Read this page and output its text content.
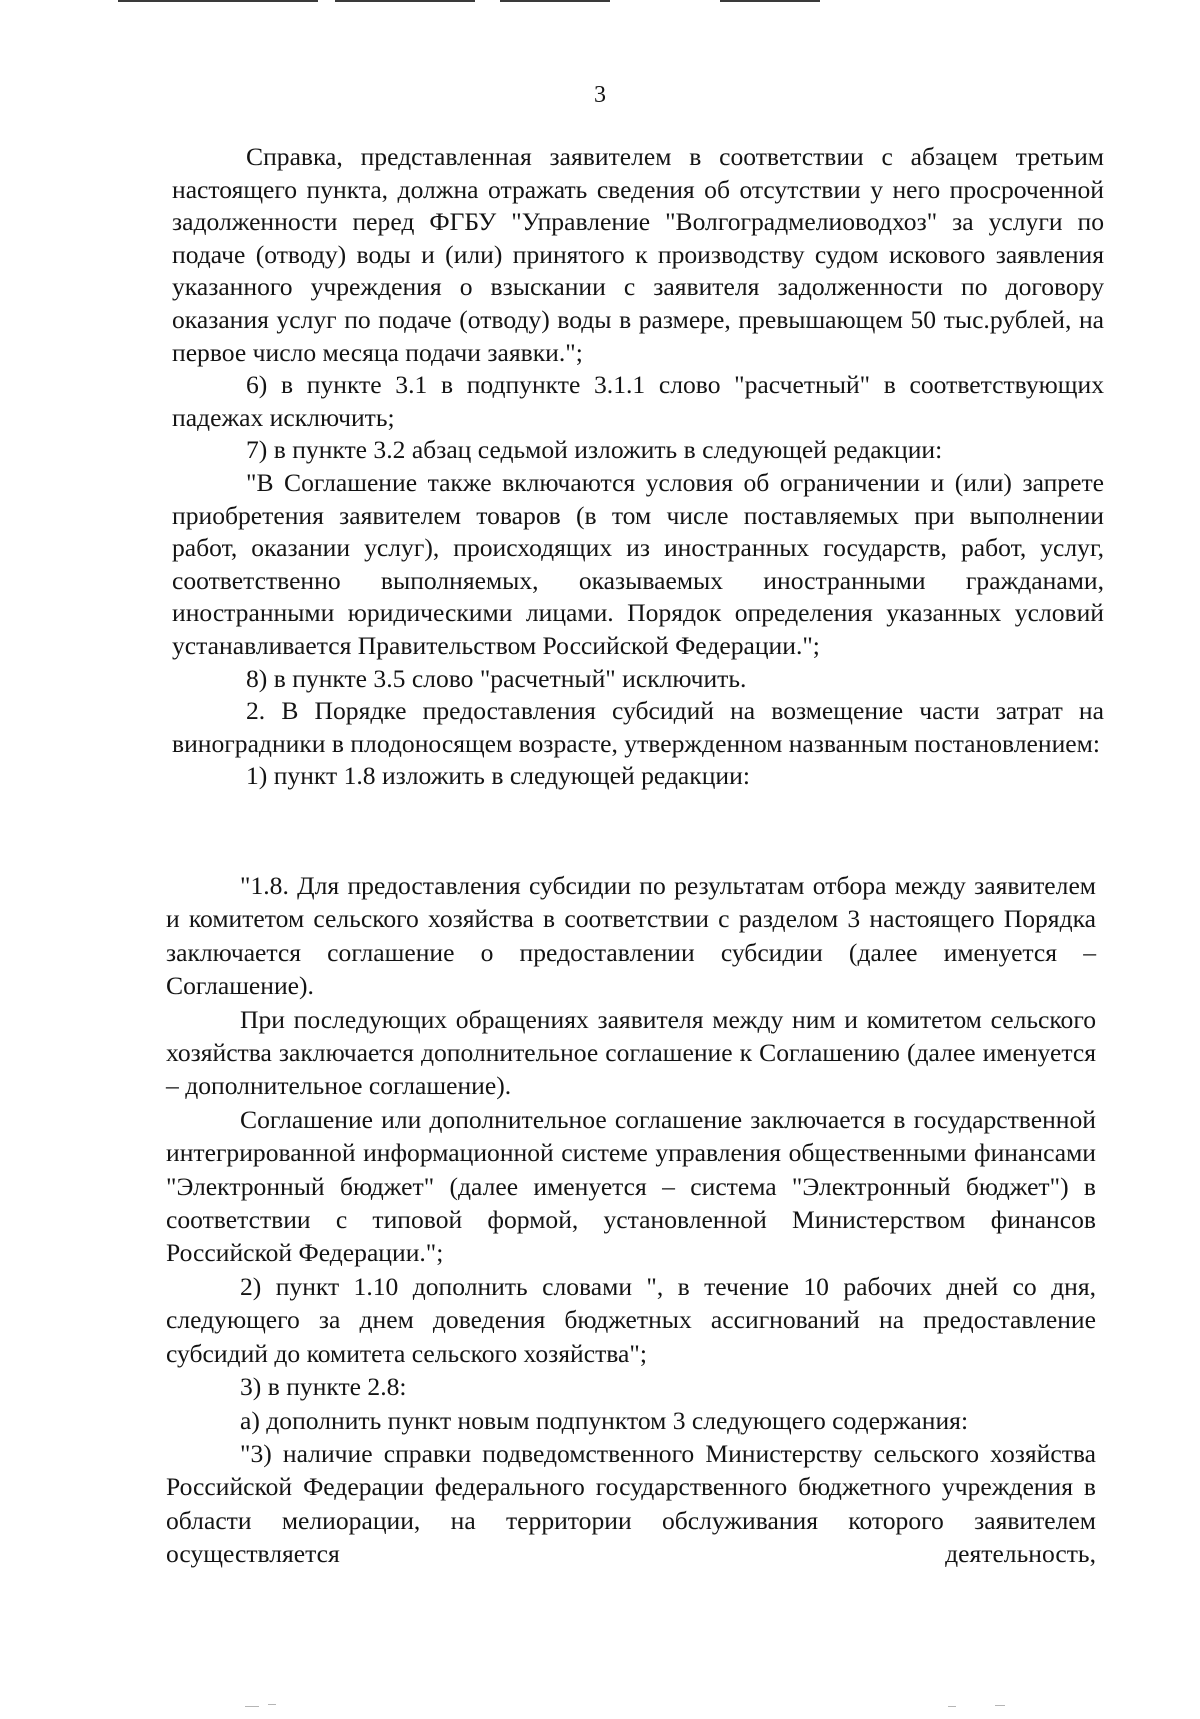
3

Справка, представленная заявителем в соответствии с абзацем третьим настоящего пункта, должна отражать сведения об отсутствии у него просроченной задолженности перед ФГБУ "Управление "Волгоградмелиоводхоз" за услуги по подаче (отводу) воды и (или) принятого к производству судом искового заявления указанного учреждения о взыскании с заявителя задолженности по договору оказания услуг по подаче (отводу) воды в размере, превышающем 50 тыс.рублей, на первое число месяца подачи заявки.";

6) в пункте 3.1 в подпункте 3.1.1 слово "расчетный" в соответствующих падежах исключить;

7) в пункте 3.2 абзац седьмой изложить в следующей редакции:

"В Соглашение также включаются условия об ограничении и (или) запрете приобретения заявителем товаров (в том числе поставляемых при выполнении работ, оказании услуг), происходящих из иностранных государств, работ, услуг, соответственно выполняемых, оказываемых иностранными гражданами, иностранными юридическими лицами. Порядок определения указанных условий устанавливается Правительством Российской Федерации.";

8) в пункте 3.5 слово "расчетный" исключить.

2. В Порядке предоставления субсидий на возмещение части затрат на виноградники в плодоносящем возрасте, утвержденном названным постановлением:

1) пункт 1.8 изложить в следующей редакции:

"1.8. Для предоставления субсидии по результатам отбора между заявителем и комитетом сельского хозяйства в соответствии с разделом 3 настоящего Порядка заключается соглашение о предоставлении субсидии (далее именуется – Соглашение).

При последующих обращениях заявителя между ним и комитетом сельского хозяйства заключается дополнительное соглашение к Соглашению (далее именуется – дополнительное соглашение).

Соглашение или дополнительное соглашение заключается в государственной интегрированной информационной системе управления общественными финансами "Электронный бюджет" (далее именуется – система "Электронный бюджет") в соответствии с типовой формой, установленной Министерством финансов Российской Федерации.";

2) пункт 1.10 дополнить словами ", в течение 10 рабочих дней со дня, следующего за днем доведения бюджетных ассигнований на предоставление субсидий до комитета сельского хозяйства";

3) в пункте 2.8:

а) дополнить пункт новым подпунктом 3 следующего содержания:

"3) наличие справки подведомственного Министерству сельского хозяйства Российской Федерации федерального государственного бюджетного учреждения в области мелиорации, на территории обслуживания которого заявителем осуществляется деятельность,
